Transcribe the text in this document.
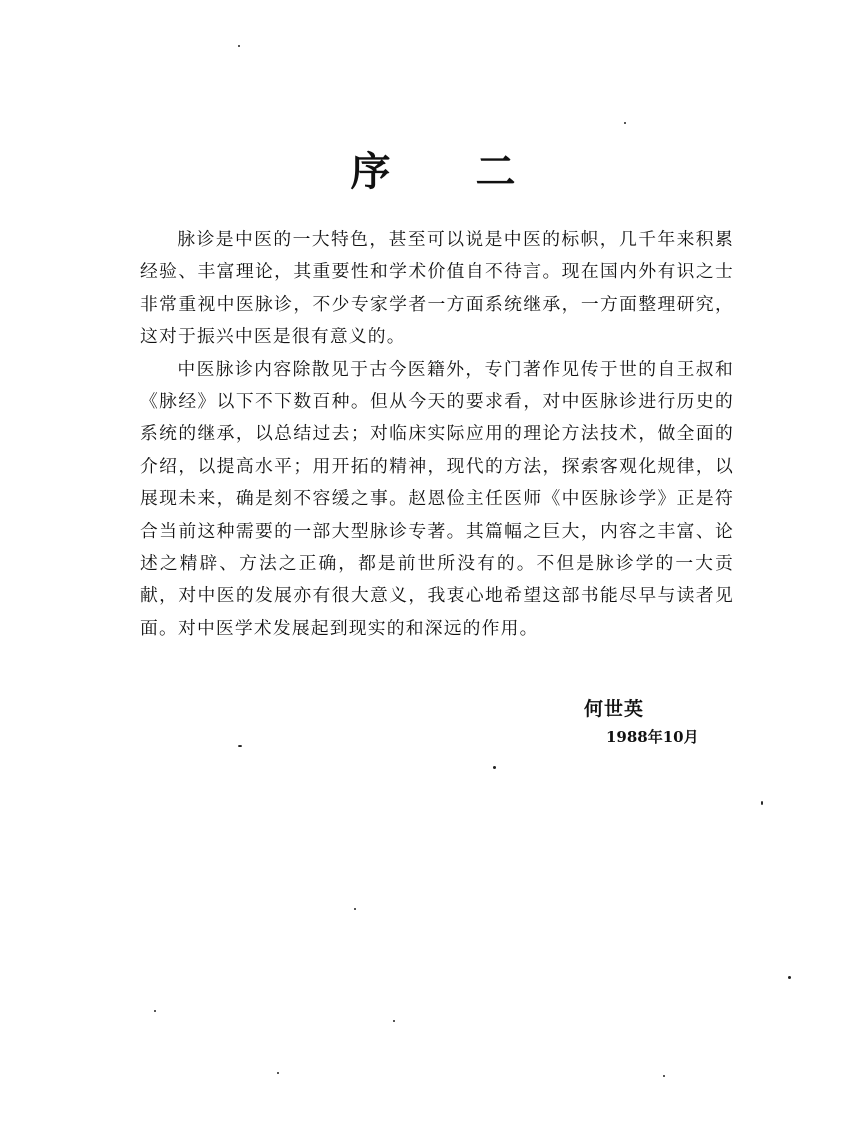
序 二

脉诊是中医的一大特色，甚至可以说是中医的标帜，几千年来积累经验、丰富理论，其重要性和学术价值自不待言。现在国内外有识之士非常重视中医脉诊，不少专家学者一方面系统继承，一方面整理研究，这对于振兴中医是很有意义的。

中医脉诊内容除散见于古今医籍外，专门著作见传于世的自王叔和《脉经》以下不下数百种。但从今天的要求看，对中医脉诊进行历史的系统的继承，以总结过去；对临床实际应用的理论方法技术，做全面的介绍，以提高水平；用开拓的精神，现代的方法，探索客观化规律，以展现未来，确是刻不容缓之事。赵恩俭主任医师《中医脉诊学》正是符合当前这种需要的一部大型脉诊专著。其篇幅之巨大，内容之丰富、论述之精辟、方法之正确，都是前世所没有的。不但是脉诊学的一大贡献，对中医的发展亦有很大意义，我衷心地希望这部书能尽早与读者见面。对中医学术发展起到现实的和深远的作用。

何世英
1988年10月
